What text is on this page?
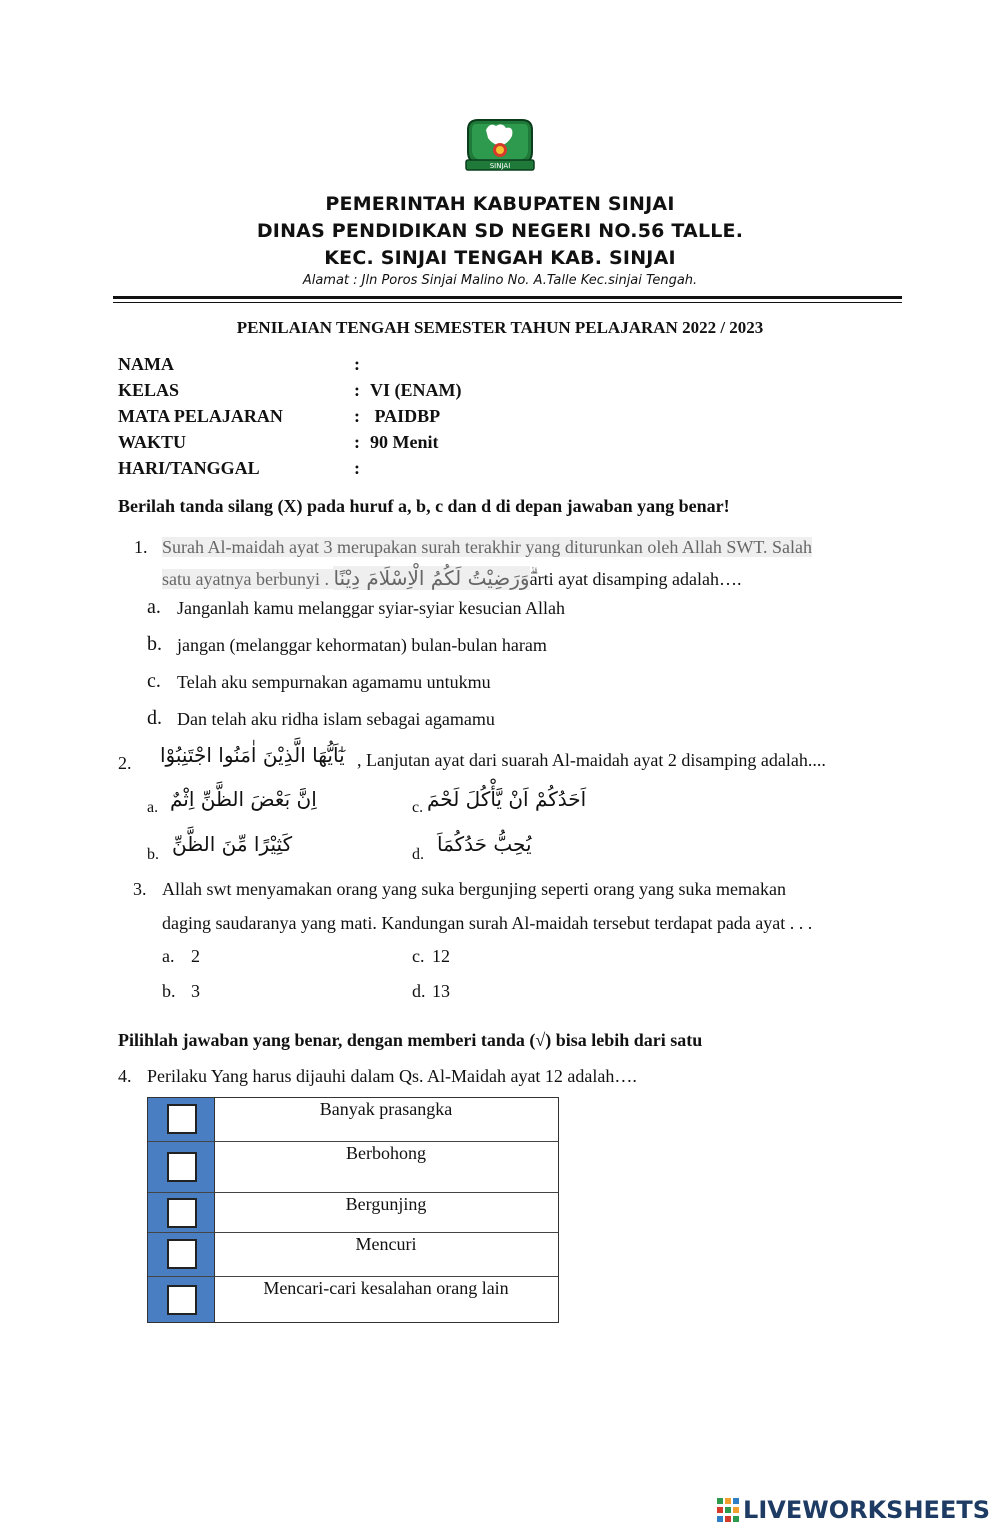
SINJAI
PEMERINTAH KABUPATEN SINJAI
DINAS PENDIDIKAN SD NEGERI NO.56 TALLE.
KEC. SINJAI TENGAH KAB. SINJAI
Alamat : Jln Poros Sinjai Malino No. A.Talle Kec.sinjai Tengah.
PENILAIAN TENGAH SEMESTER TAHUN PELAJARAN 2022 / 2023
NAMA	:
KELAS	: VI (ENAM)
MATA PELAJARAN	: PAIDBP
WAKTU	: 90 Menit
HARI/TANGGAL	:
Berilah tanda silang (X) pada huruf a, b, c dan d di depan jawaban yang benar!
1. Surah Al-maidah ayat 3 merupakan surah terakhir yang diturunkan oleh Allah SWT. Salah
satu ayatnya berbunyi . ۗوَرَضِيْتُ لَكُمُ الْاِسْلَامَ دِيْنًاarti ayat disamping adalah….
a. Janganlah kamu melanggar syiar-syiar kesucian Allah
b. jangan (melanggar kehormatan) bulan-bulan haram
c. Telah aku sempurnakan agamamu untukmu
d. Dan telah aku ridha islam sebagai agamamu
2. يٰٓاَيُّهَا الَّذِيْنَ اٰمَنُوا اجْتَنِبُوْا , Lanjutan ayat dari suarah Al-maidah ayat 2 disamping adalah....
a. اِنَّ بَعْضَ الظَّنِّ اِثْمٌ	c. اَحَدُكُمْ اَنْ يَّأْكُلَ لَحْمَ
b. كَثِيْرًا مِّنَ الظَّنِّ	d. يُحِبُّ حَدُكُمَاَ
3. Allah swt menyamakan orang yang suka bergunjing seperti orang yang suka memakan
daging saudaranya yang mati. Kandungan surah Al-maidah tersebut terdapat pada ayat . . .
a. 2	c. 12
b. 3	d. 13
Pilihlah jawaban yang benar, dengan memberi tanda (√) bisa lebih dari satu
4. Perilaku Yang harus dijauhi dalam Qs. Al-Maidah ayat 12 adalah….
Banyak prasangka
Berbohong
Bergunjing
Mencuri
Mencari-cari kesalahan orang lain
LIVEWORKSHEETS
